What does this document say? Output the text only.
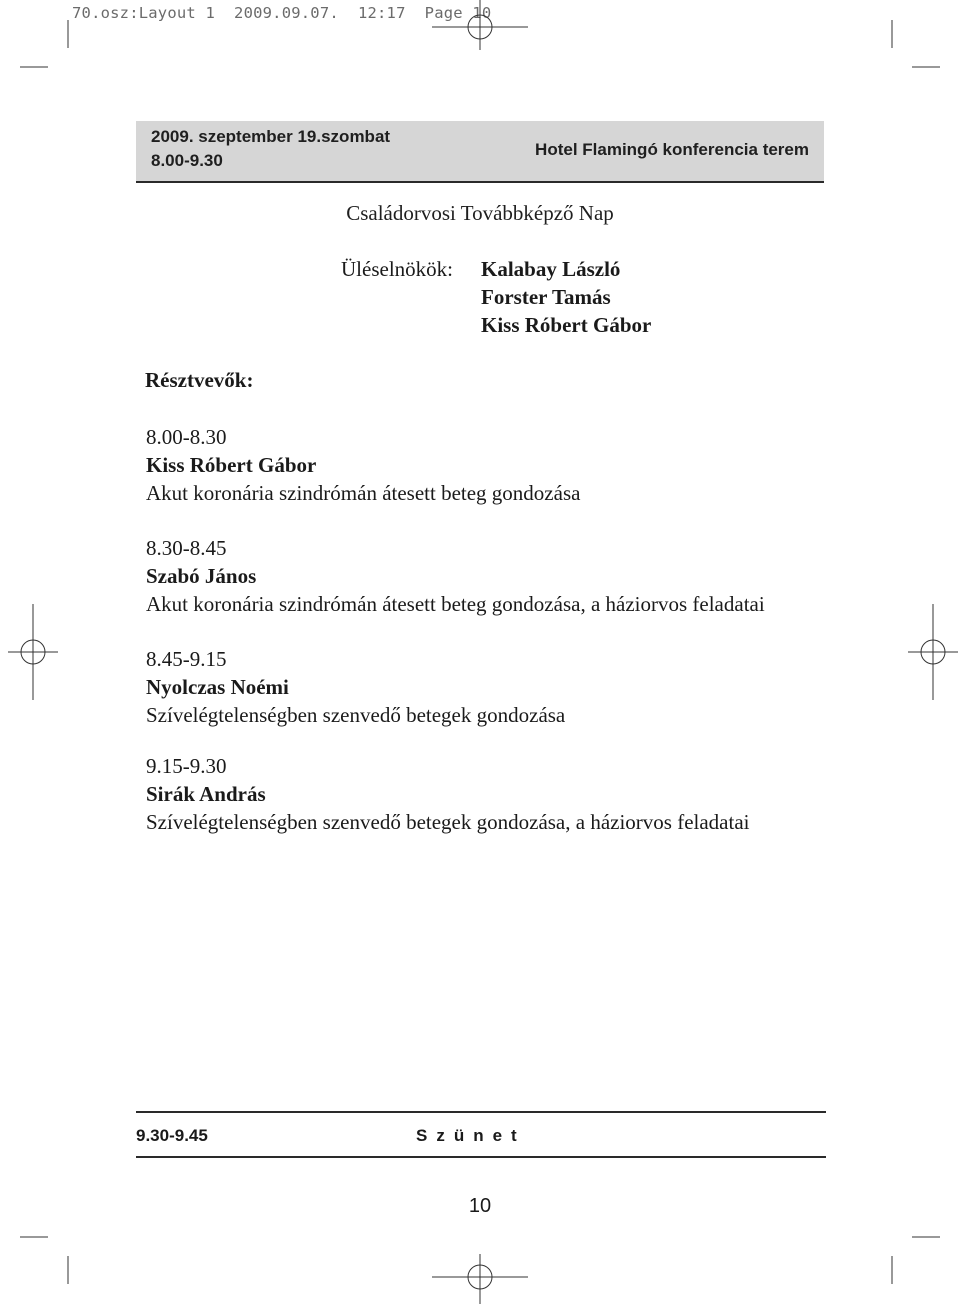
70.osz:Layout 1  2009.09.07.  12:17  Page 10
2009. szeptember 19.szombat
8.00-9.30
Hotel Flamingó konferencia terem
Családorvosi Továbbképző Nap
Üléselnökök: Kalabay László
Forster Tamás
Kiss Róbert Gábor
Résztvevők:
8.00-8.30
Kiss Róbert Gábor
Akut koronária szindrómán átesett beteg gondozása
8.30-8.45
Szabó János
Akut koronária szindrómán átesett beteg gondozása, a háziorvos feladatai
8.45-9.15
Nyolczas Noémi
Szívelégtelenségben szenvedő betegek gondozása
9.15-9.30
Sirák András
Szívelégtelenségben szenvedő betegek gondozása, a háziorvos feladatai
9.30-9.45	Szünet
10
